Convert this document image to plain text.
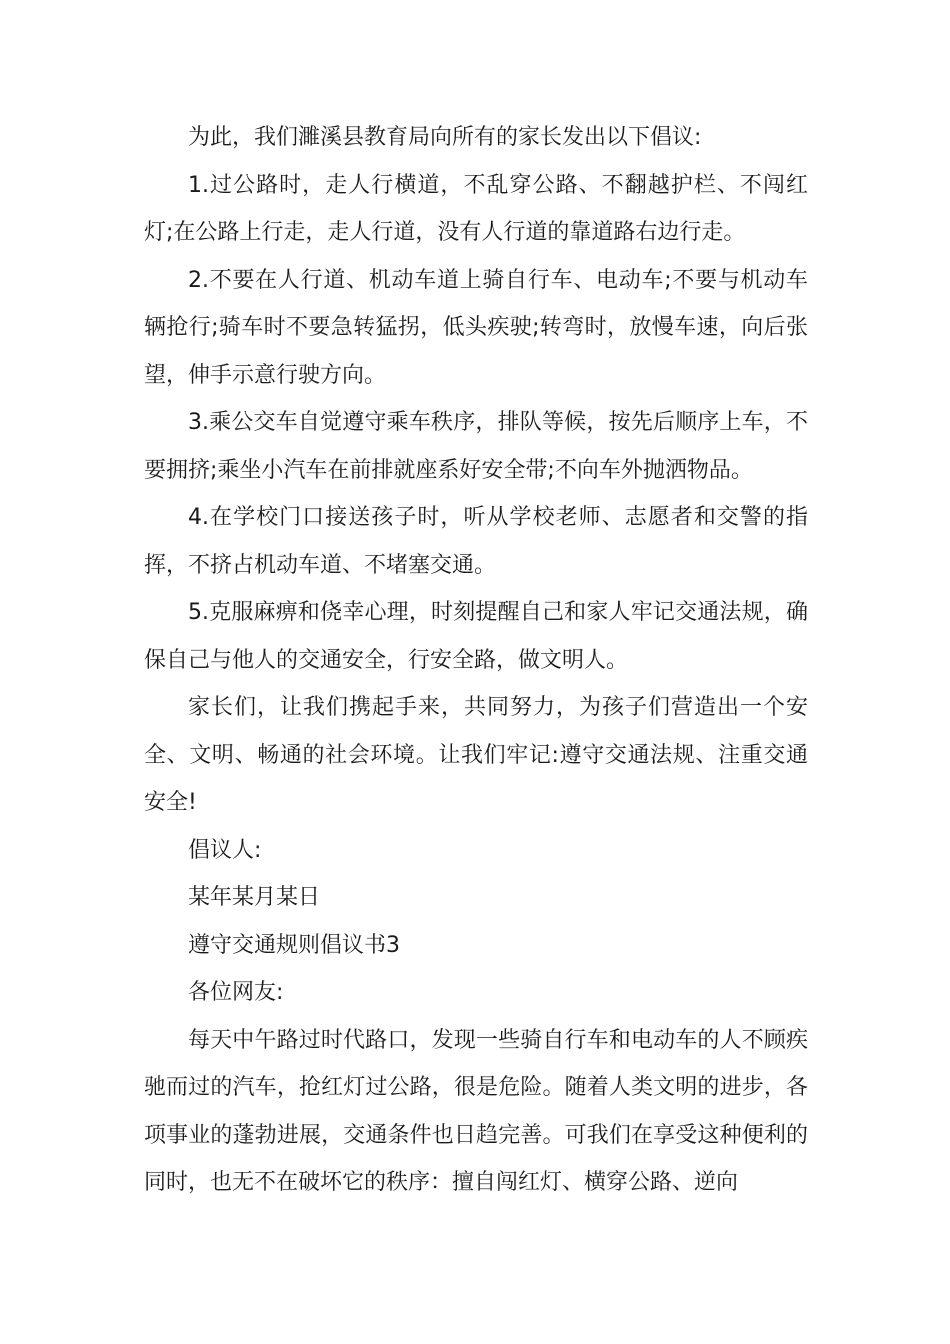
为此，我们濉溪县教育局向所有的家长发出以下倡议:

1.过公路时，走人行横道，不乱穿公路、不翻越护栏、不闯红灯;在公路上行走，走人行道，没有人行道的靠道路右边行走。

2.不要在人行道、机动车道上骑自行车、电动车;不要与机动车辆抢行;骑车时不要急转猛拐，低头疾驶;转弯时，放慢车速，向后张望，伸手示意行驶方向。

3.乘公交车自觉遵守乘车秩序，排队等候，按先后顺序上车，不要拥挤;乘坐小汽车在前排就座系好安全带;不向车外抛洒物品。

4.在学校门口接送孩子时，听从学校老师、志愿者和交警的指挥，不挤占机动车道、不堵塞交通。

5.克服麻痹和侥幸心理，时刻提醒自己和家人牢记交通法规，确保自己与他人的交通安全，行安全路，做文明人。

家长们，让我们携起手来，共同努力，为孩子们营造出一个安全、文明、畅通的社会环境。让我们牢记:遵守交通法规、注重交通安全!

倡议人:

某年某月某日

遵守交通规则倡议书3

各位网友:

每天中午路过时代路口，发现一些骑自行车和电动车的人不顾疾驰而过的汽车，抢红灯过公路，很是危险。随着人类文明的进步，各项事业的蓬勃进展，交通条件也日趋完善。可我们在享受这种便利的同时，也无不在破坏它的秩序：擅自闯红灯、横穿公路、逆向
